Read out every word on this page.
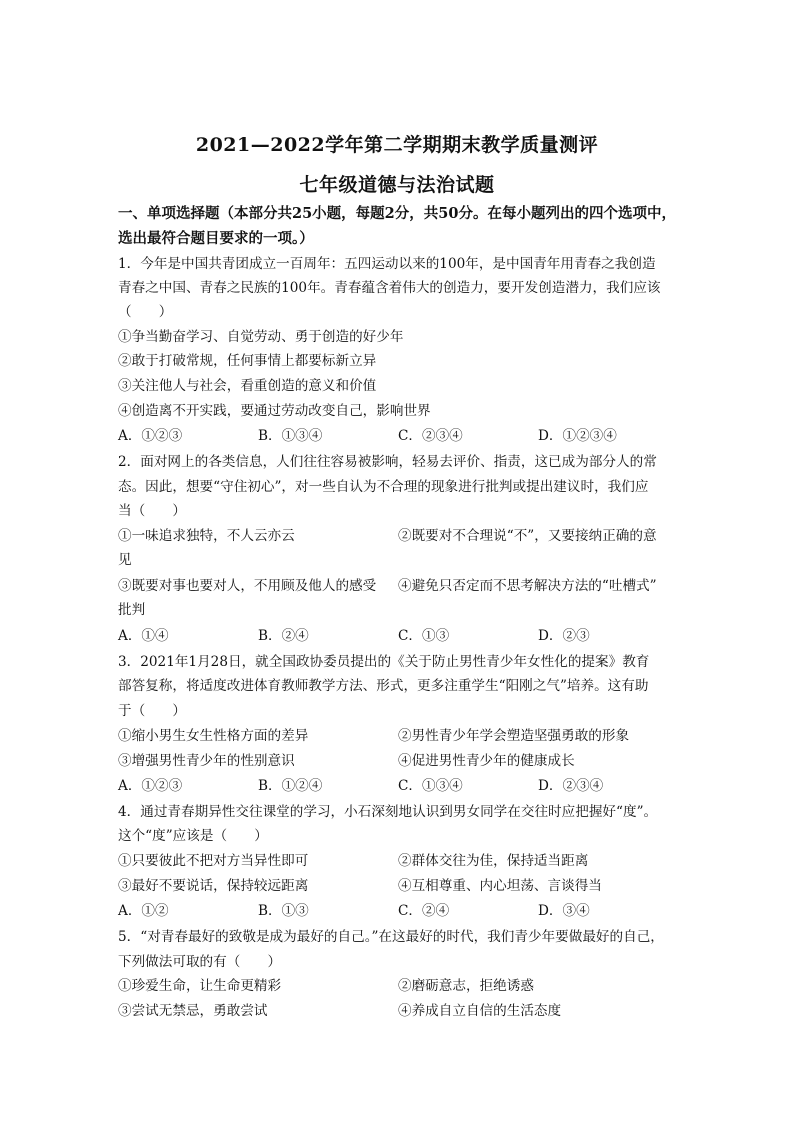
2021—2022学年第二学期期末教学质量测评
七年级道德与法治试题
一、单项选择题（本部分共25小题，每题2分，共50分。在每小题列出的四个选项中，
选出最符合题目要求的一项。）
1．今年是中国共青团成立一百周年：五四运动以来的100年，是中国青年用青春之我创造
青春之中国、青春之民族的100年。青春蕴含着伟大的创造力，要开发创造潜力，我们应该
（　　）
①争当勤奋学习、自觉劳动、勇于创造的好少年
②敢于打破常规，任何事情上都要标新立异
③关注他人与社会，看重创造的意义和价值
④创造离不开实践，要通过劳动改变自己，影响世界
A．①②③	B．①③④	C．②③④	D．①②③④
2．面对网上的各类信息，人们往往容易被影响，轻易去评价、指责，这已成为部分人的常
态。因此，想要“守住初心”，对一些自认为不合理的现象进行批判或提出建议时，我们应
当（　　）
①一味追求独特，不人云亦云	②既要对不合理说“不”，又要接纳正确的意
见
③既要对事也要对人，不用顾及他人的感受	④避免只否定而不思考解决方法的“吐槽式”
批判
A．①④	B．②④	C．①③	D．②③
3．2021年1月28日，就全国政协委员提出的《关于防止男性青少年女性化的提案》教育
部答复称，将适度改进体育教师教学方法、形式，更多注重学生“阳刚之气”培养。这有助
于（　　）
①缩小男生女生性格方面的差异	②男性青少年学会塑造坚强勇敢的形象
③增强男性青少年的性别意识	④促进男性青少年的健康成长
A．①②③	B．①②④	C．①③④	D．②③④
4．通过青春期异性交往课堂的学习，小石深刻地认识到男女同学在交往时应把握好“度”。
这个“度”应该是（　　）
①只要彼此不把对方当异性即可	②群体交往为佳，保持适当距离
③最好不要说话，保持较远距离	④互相尊重、内心坦荡、言谈得当
A．①②	B．①③	C．②④	D．③④
5．“对青春最好的致敬是成为最好的自己。”在这最好的时代，我们青少年要做最好的自己，
下列做法可取的有（　　）
①珍爱生命，让生命更精彩	②磨砺意志，拒绝诱惑
③尝试无禁忌，勇敢尝试	④养成自立自信的生活态度
